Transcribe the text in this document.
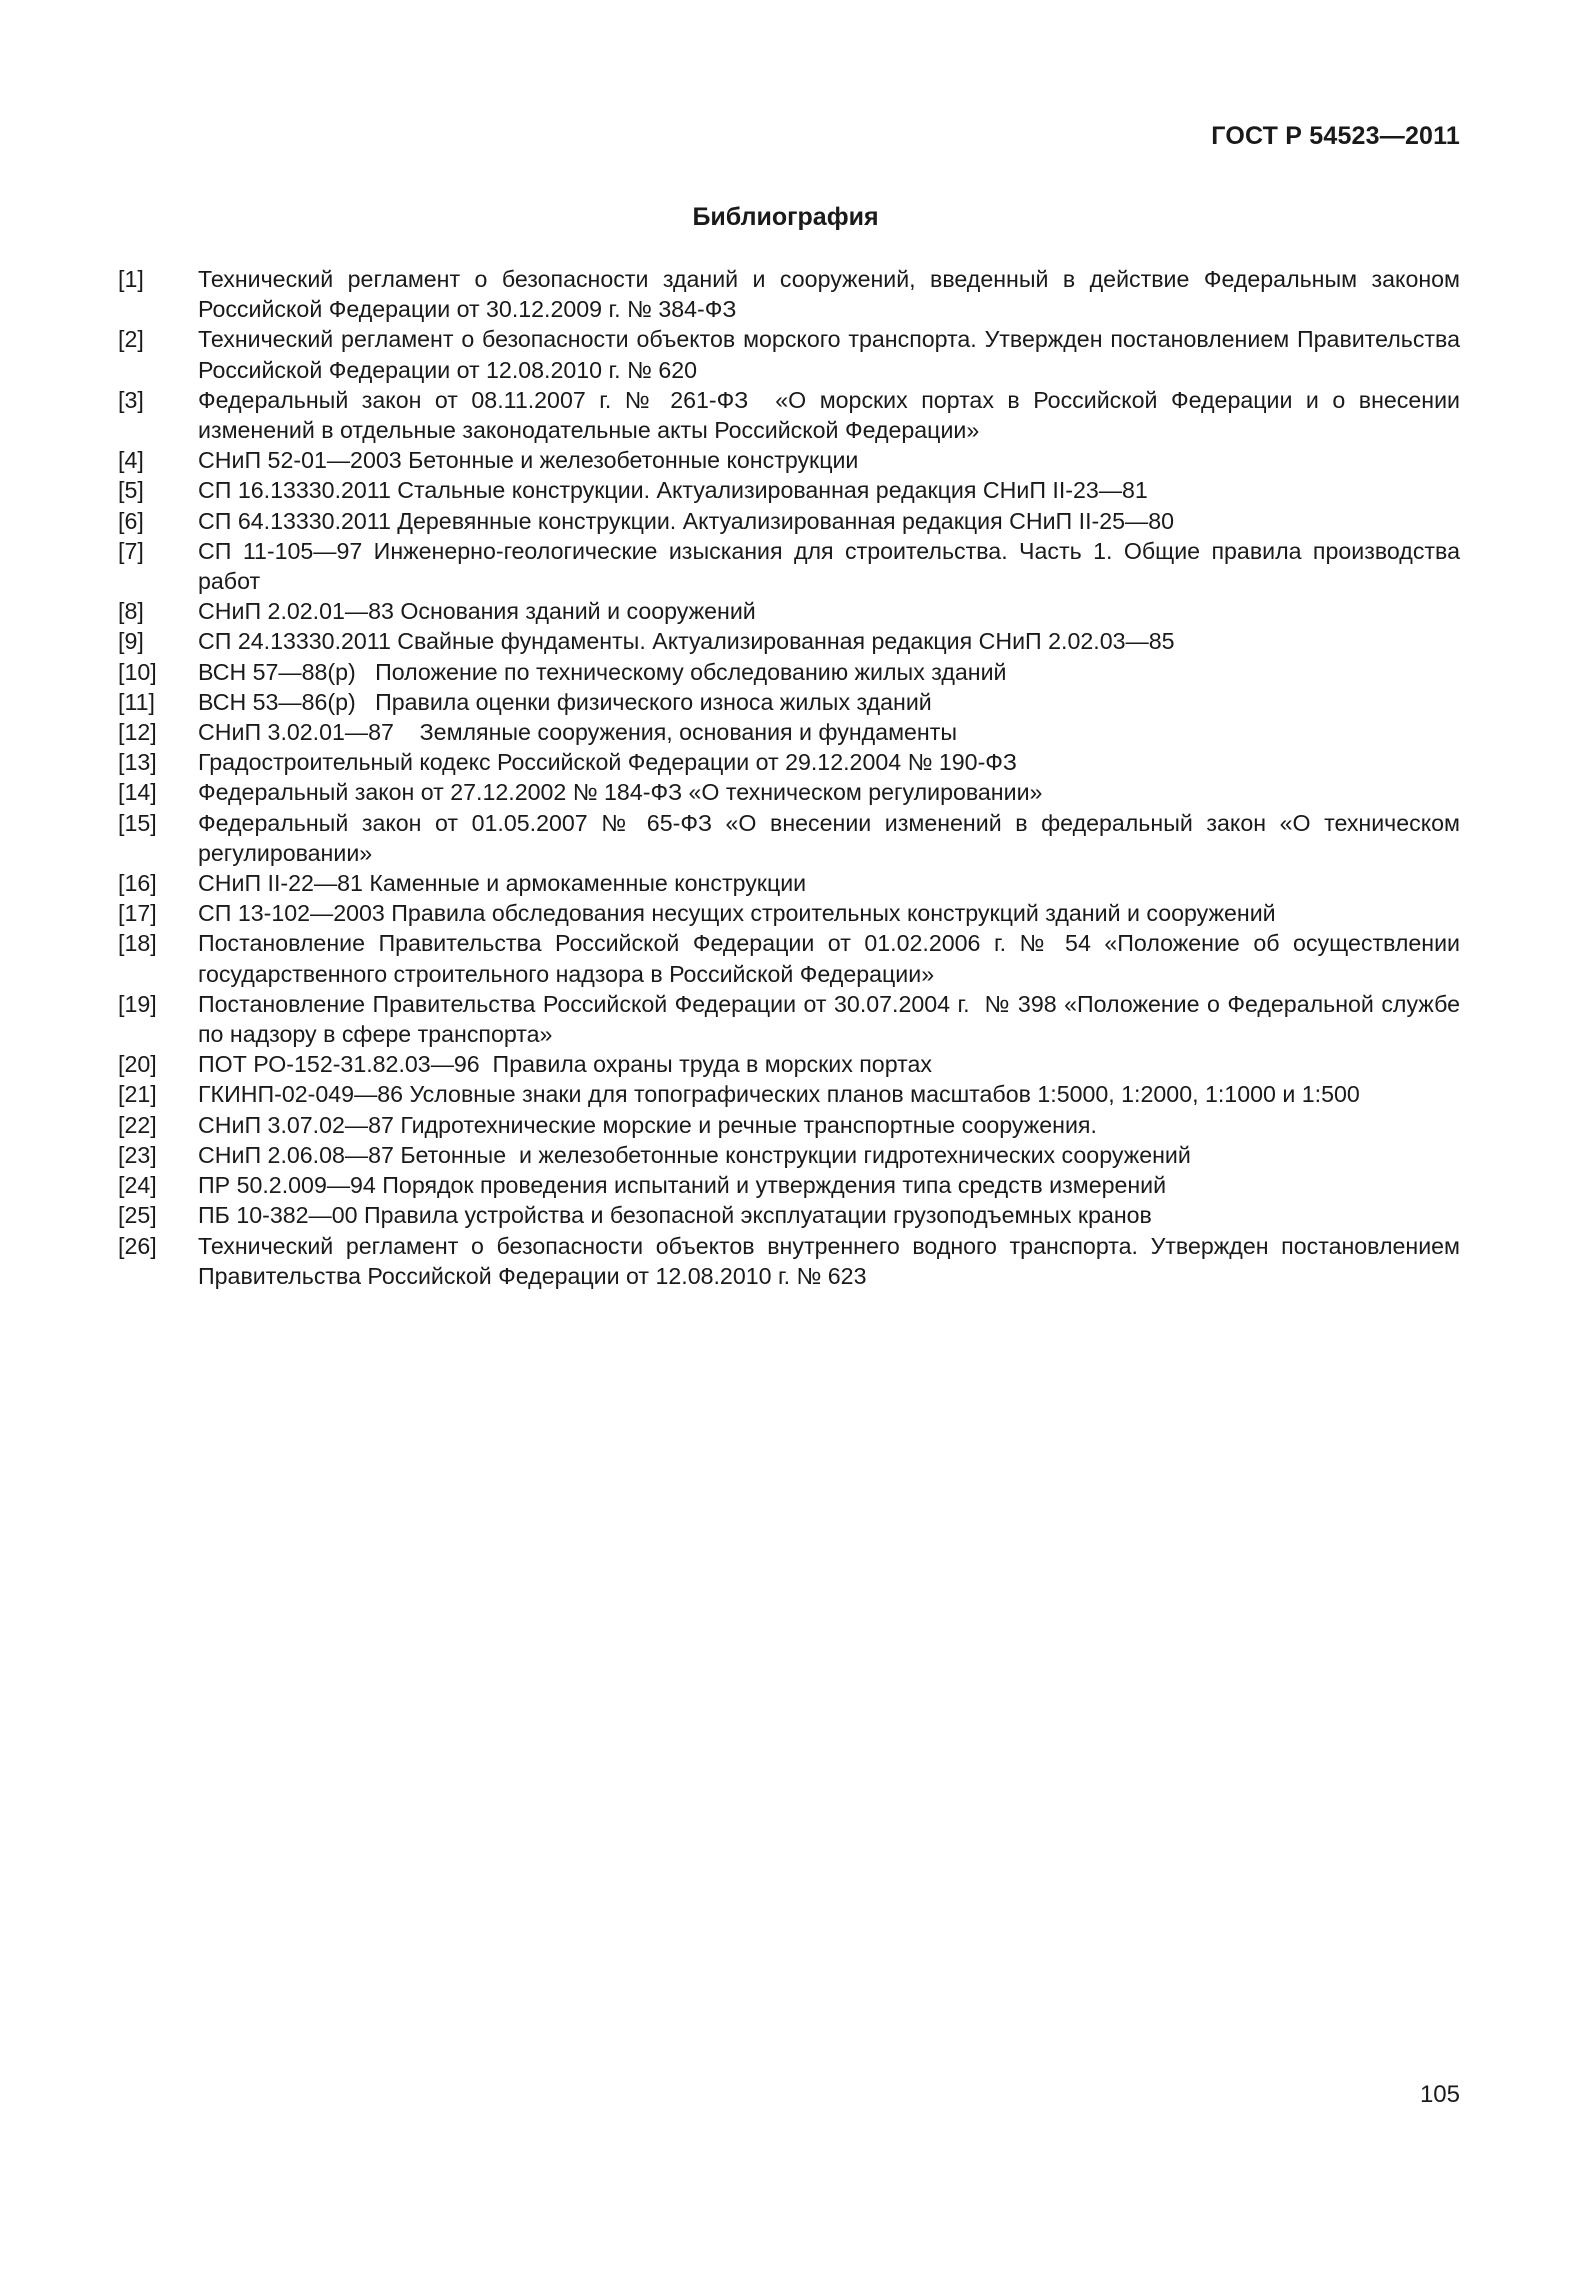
ГОСТ Р 54523—2011
Библиография
[1]	Технический регламент о безопасности зданий и сооружений, введенный в действие Федеральным законом Российской Федерации от 30.12.2009 г. № 384-ФЗ
[2]	Технический регламент о безопасности объектов морского транспорта. Утвержден постановлением Правительства Российской Федерации от 12.08.2010 г. № 620
[3]	Федеральный закон от 08.11.2007 г. № 261-ФЗ  «О морских портах в Российской Федерации и о внесении изменений в отдельные законодательные акты Российской Федерации»
[4]	СНиП 52-01—2003 Бетонные и железобетонные конструкции
[5]	СП 16.13330.2011 Стальные конструкции. Актуализированная редакция СНиП II-23—81
[6]	СП 64.13330.2011 Деревянные конструкции. Актуализированная редакция СНиП II-25—80
[7]	СП 11-105—97 Инженерно-геологические изыскания для строительства. Часть 1. Общие правила производства работ
[8]	СНиП 2.02.01—83 Основания зданий и сооружений
[9]	СП 24.13330.2011 Свайные фундаменты. Актуализированная редакция СНиП 2.02.03—85
[10]	ВСН 57—88(р)   Положение по техническому обследованию жилых зданий
[11]	ВСН 53—86(р)   Правила оценки физического износа жилых зданий
[12]	СНиП 3.02.01—87    Земляные сооружения, основания и фундаменты
[13]	Градостроительный кодекс Российской Федерации от 29.12.2004 № 190-ФЗ
[14]	Федеральный закон от 27.12.2002 № 184-ФЗ «О техническом регулировании»
[15]	Федеральный закон от 01.05.2007 № 65-ФЗ «О внесении изменений в федеральный закон «О техническом регулировании»
[16]	СНиП II-22—81 Каменные и армокаменные конструкции
[17]	СП 13-102—2003 Правила обследования несущих строительных конструкций зданий и сооружений
[18]	Постановление Правительства Российской Федерации от 01.02.2006 г. № 54 «Положение об осуществлении государственного строительного надзора в Российской Федерации»
[19]	Постановление Правительства Российской Федерации от 30.07.2004 г.  № 398 «Положение о Федеральной службе по надзору в сфере транспорта»
[20]	ПОТ РО-152-31.82.03—96  Правила охраны труда в морских портах
[21]	ГКИНП-02-049—86 Условные знаки для топографических планов масштабов 1:5000, 1:2000, 1:1000 и 1:500
[22]	СНиП 3.07.02—87 Гидротехнические морские и речные транспортные сооружения.
[23]	СНиП 2.06.08—87 Бетонные  и железобетонные конструкции гидротехнических сооружений
[24]	ПР 50.2.009—94 Порядок проведения испытаний и утверждения типа средств измерений
[25]	ПБ 10-382—00 Правила устройства и безопасной эксплуатации грузоподъемных кранов
[26]	Технический регламент о безопасности объектов внутреннего водного транспорта. Утвержден постановлением Правительства Российской Федерации от 12.08.2010 г. № 623
105
